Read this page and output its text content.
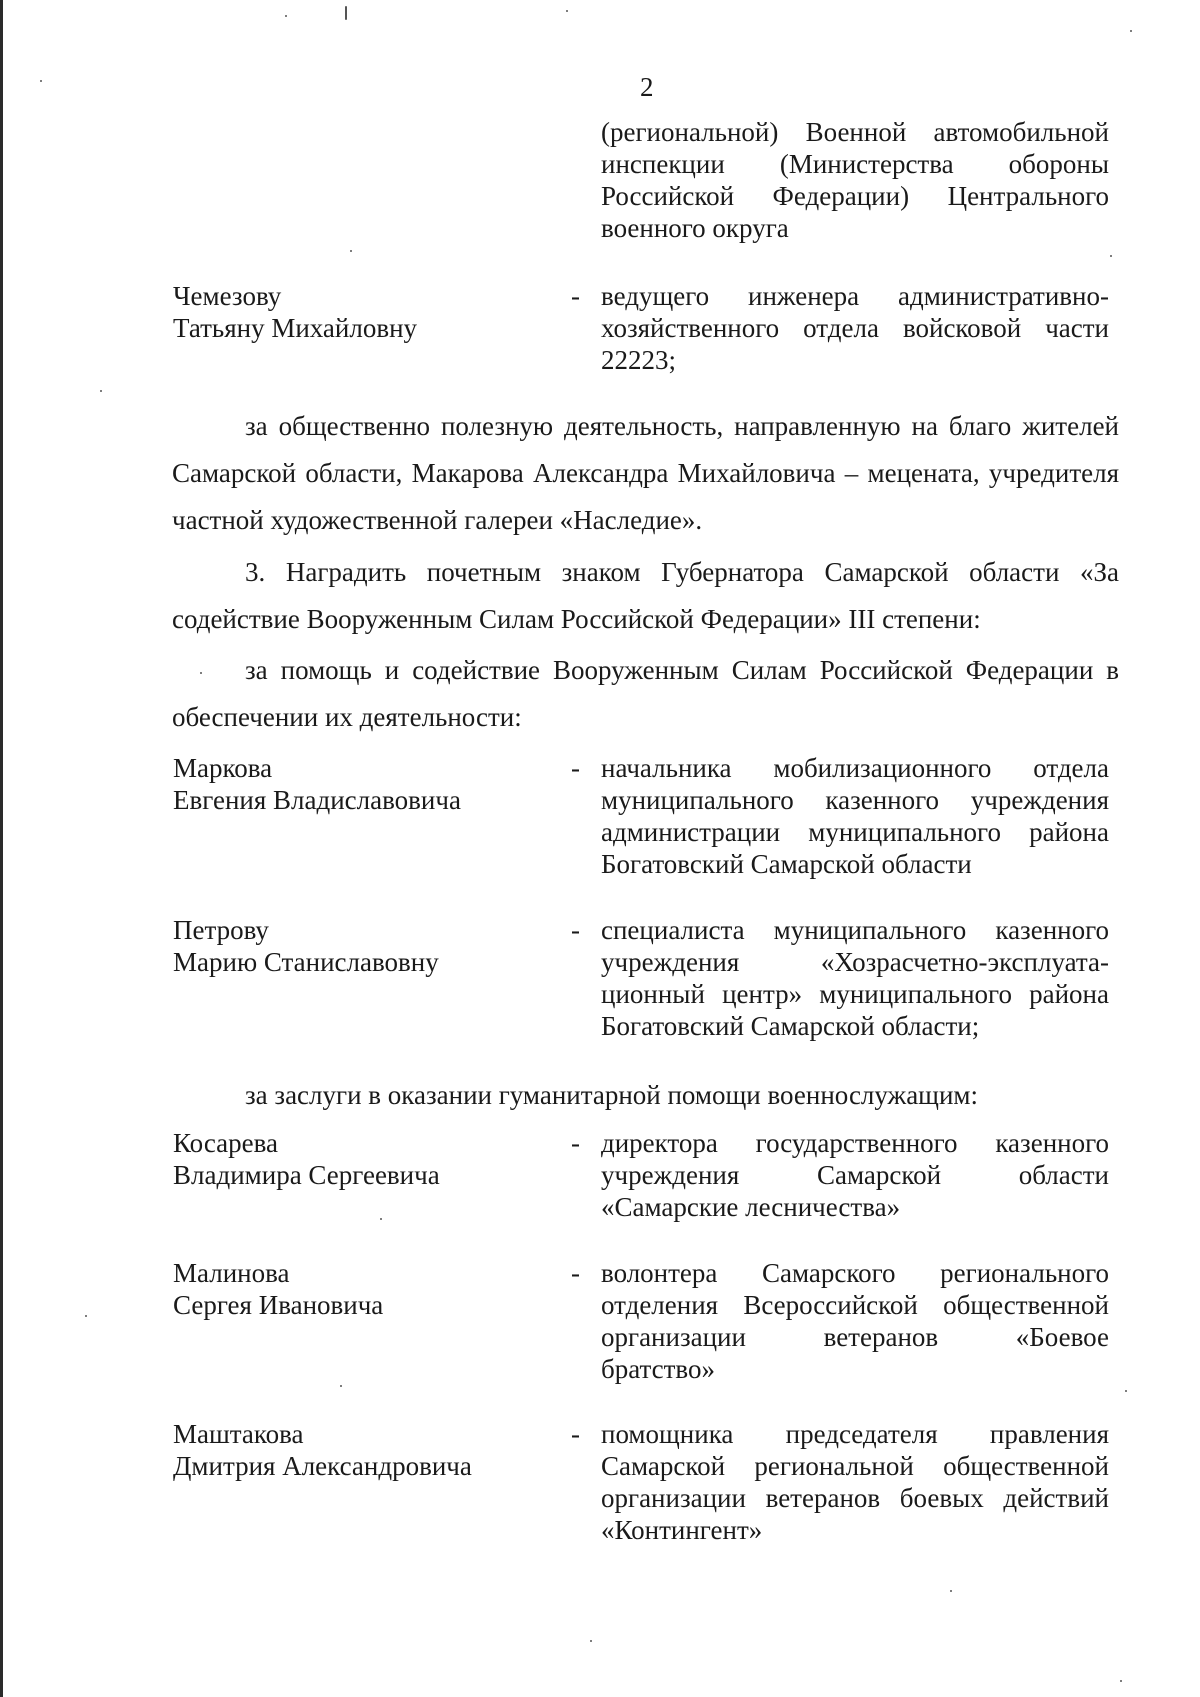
2
(региональной) Военной автомобильной
инспекции (Министерства обороны
Российской Федерации) Центрального
военного округа
Чемезову
Татьяну Михайловну
- ведущего инженера административно-
хозяйственного отдела войсковой части
22223;
за общественно полезную деятельность, направленную на благо жителей Самарской области, Макарова Александра Михайловича – мецената, учредителя частной художественной галереи «Наследие».
3. Наградить почетным знаком Губернатора Самарской области «За содействие Вооруженным Силам Российской Федерации» III степени:
за помощь и содействие Вооруженным Силам Российской Федерации в обеспечении их деятельности:
Маркова
Евгения Владиславовича
- начальника мобилизационного отдела
муниципального казенного учреждения
администрации муниципального района
Богатовский Самарской области
Петрову
Марию Станиславовну
- специалиста муниципального казенного
учреждения «Хозрасчетно-эксплуата-
ционный центр» муниципального района
Богатовский Самарской области;
за заслуги в оказании гуманитарной помощи военнослужащим:
Косарева
Владимира Сергеевича
- директора государственного казенного
учреждения Самарской области
«Самарские лесничества»
Малинова
Сергея Ивановича
- волонтера Самарского регионального
отделения Всероссийской общественной
организации ветеранов «Боевое
братство»
Маштакова
Дмитрия Александровича
- помощника председателя правления
Самарской региональной общественной
организации ветеранов боевых действий
«Контингент»
